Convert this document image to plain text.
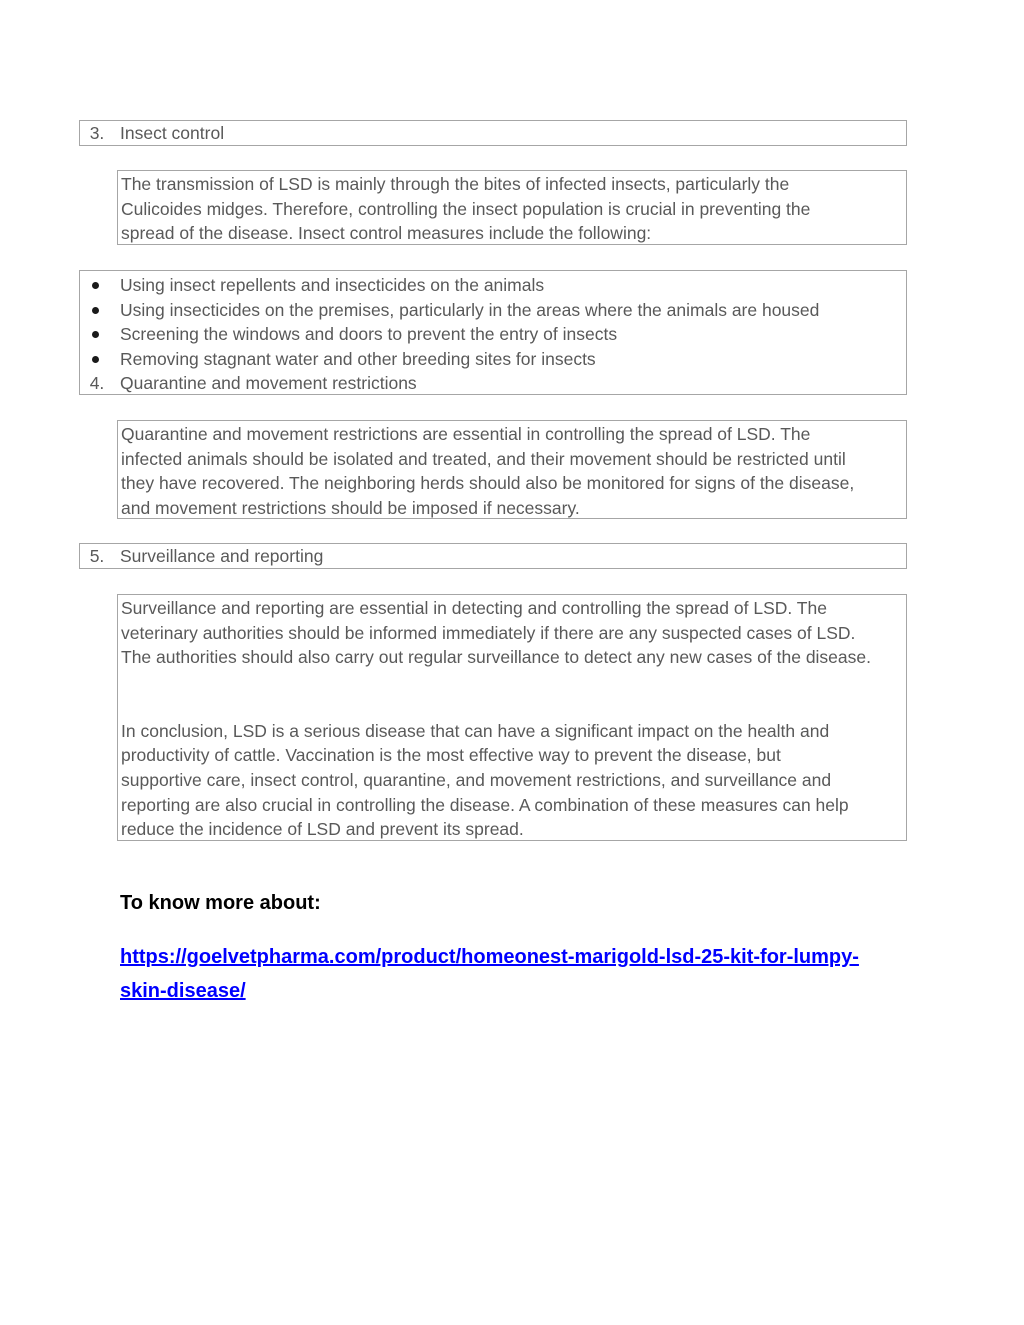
3. Insect control
The transmission of LSD is mainly through the bites of infected insects, particularly the
Culicoides midges. Therefore, controlling the insect population is crucial in preventing the
spread of the disease. Insect control measures include the following:
Using insect repellents and insecticides on the animals
Using insecticides on the premises, particularly in the areas where the animals are housed
Screening the windows and doors to prevent the entry of insects
Removing stagnant water and other breeding sites for insects
4. Quarantine and movement restrictions
Quarantine and movement restrictions are essential in controlling the spread of LSD. The
infected animals should be isolated and treated, and their movement should be restricted until
they have recovered. The neighboring herds should also be monitored for signs of the disease,
and movement restrictions should be imposed if necessary.
5. Surveillance and reporting
Surveillance and reporting are essential in detecting and controlling the spread of LSD. The
veterinary authorities should be informed immediately if there are any suspected cases of LSD.
The authorities should also carry out regular surveillance to detect any new cases of the disease.
In conclusion, LSD is a serious disease that can have a significant impact on the health and
productivity of cattle. Vaccination is the most effective way to prevent the disease, but
supportive care, insect control, quarantine, and movement restrictions, and surveillance and
reporting are also crucial in controlling the disease. A combination of these measures can help
reduce the incidence of LSD and prevent its spread.
To know more about:
https://goelvetpharma.com/product/homeonest-marigold-lsd-25-kit-for-lumpy-
skin-disease/
